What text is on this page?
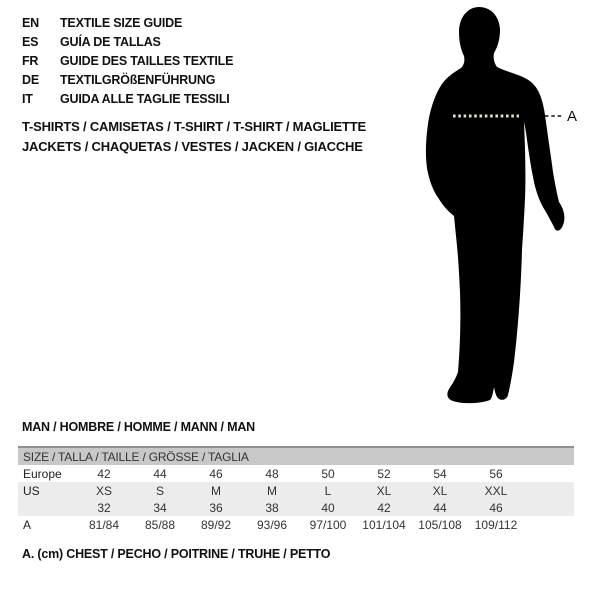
EN	TEXTILE SIZE GUIDE
ES	GUÍA DE TALLAS
FR	GUIDE DES TAILLES TEXTILE
DE	TEXTILGRÖßENFÜHRUNG
IT	GUIDA ALLE TAGLIE TESSILI
T-SHIRTS / CAMISETAS / T-SHIRT / T-SHIRT / MAGLIETTE
JACKETS / CHAQUETAS / VESTES / JACKEN / GIACCHE
A
MAN / HOMBRE / HOMME / MANN / MAN
SIZE / TALLA / TAILLE / GRÖSSE / TAGLIA									
Europe	42	44	46	48	50	52	54	56	
US	XS	S	M	M	L	XL	XL	XXL	
	32	34	36	38	40	42	44	46	
A	81/84	85/88	89/92	93/96	97/100	101/104	105/108	109/112	
A. (cm) CHEST / PECHO / POITRINE / TRUHE / PETTO
